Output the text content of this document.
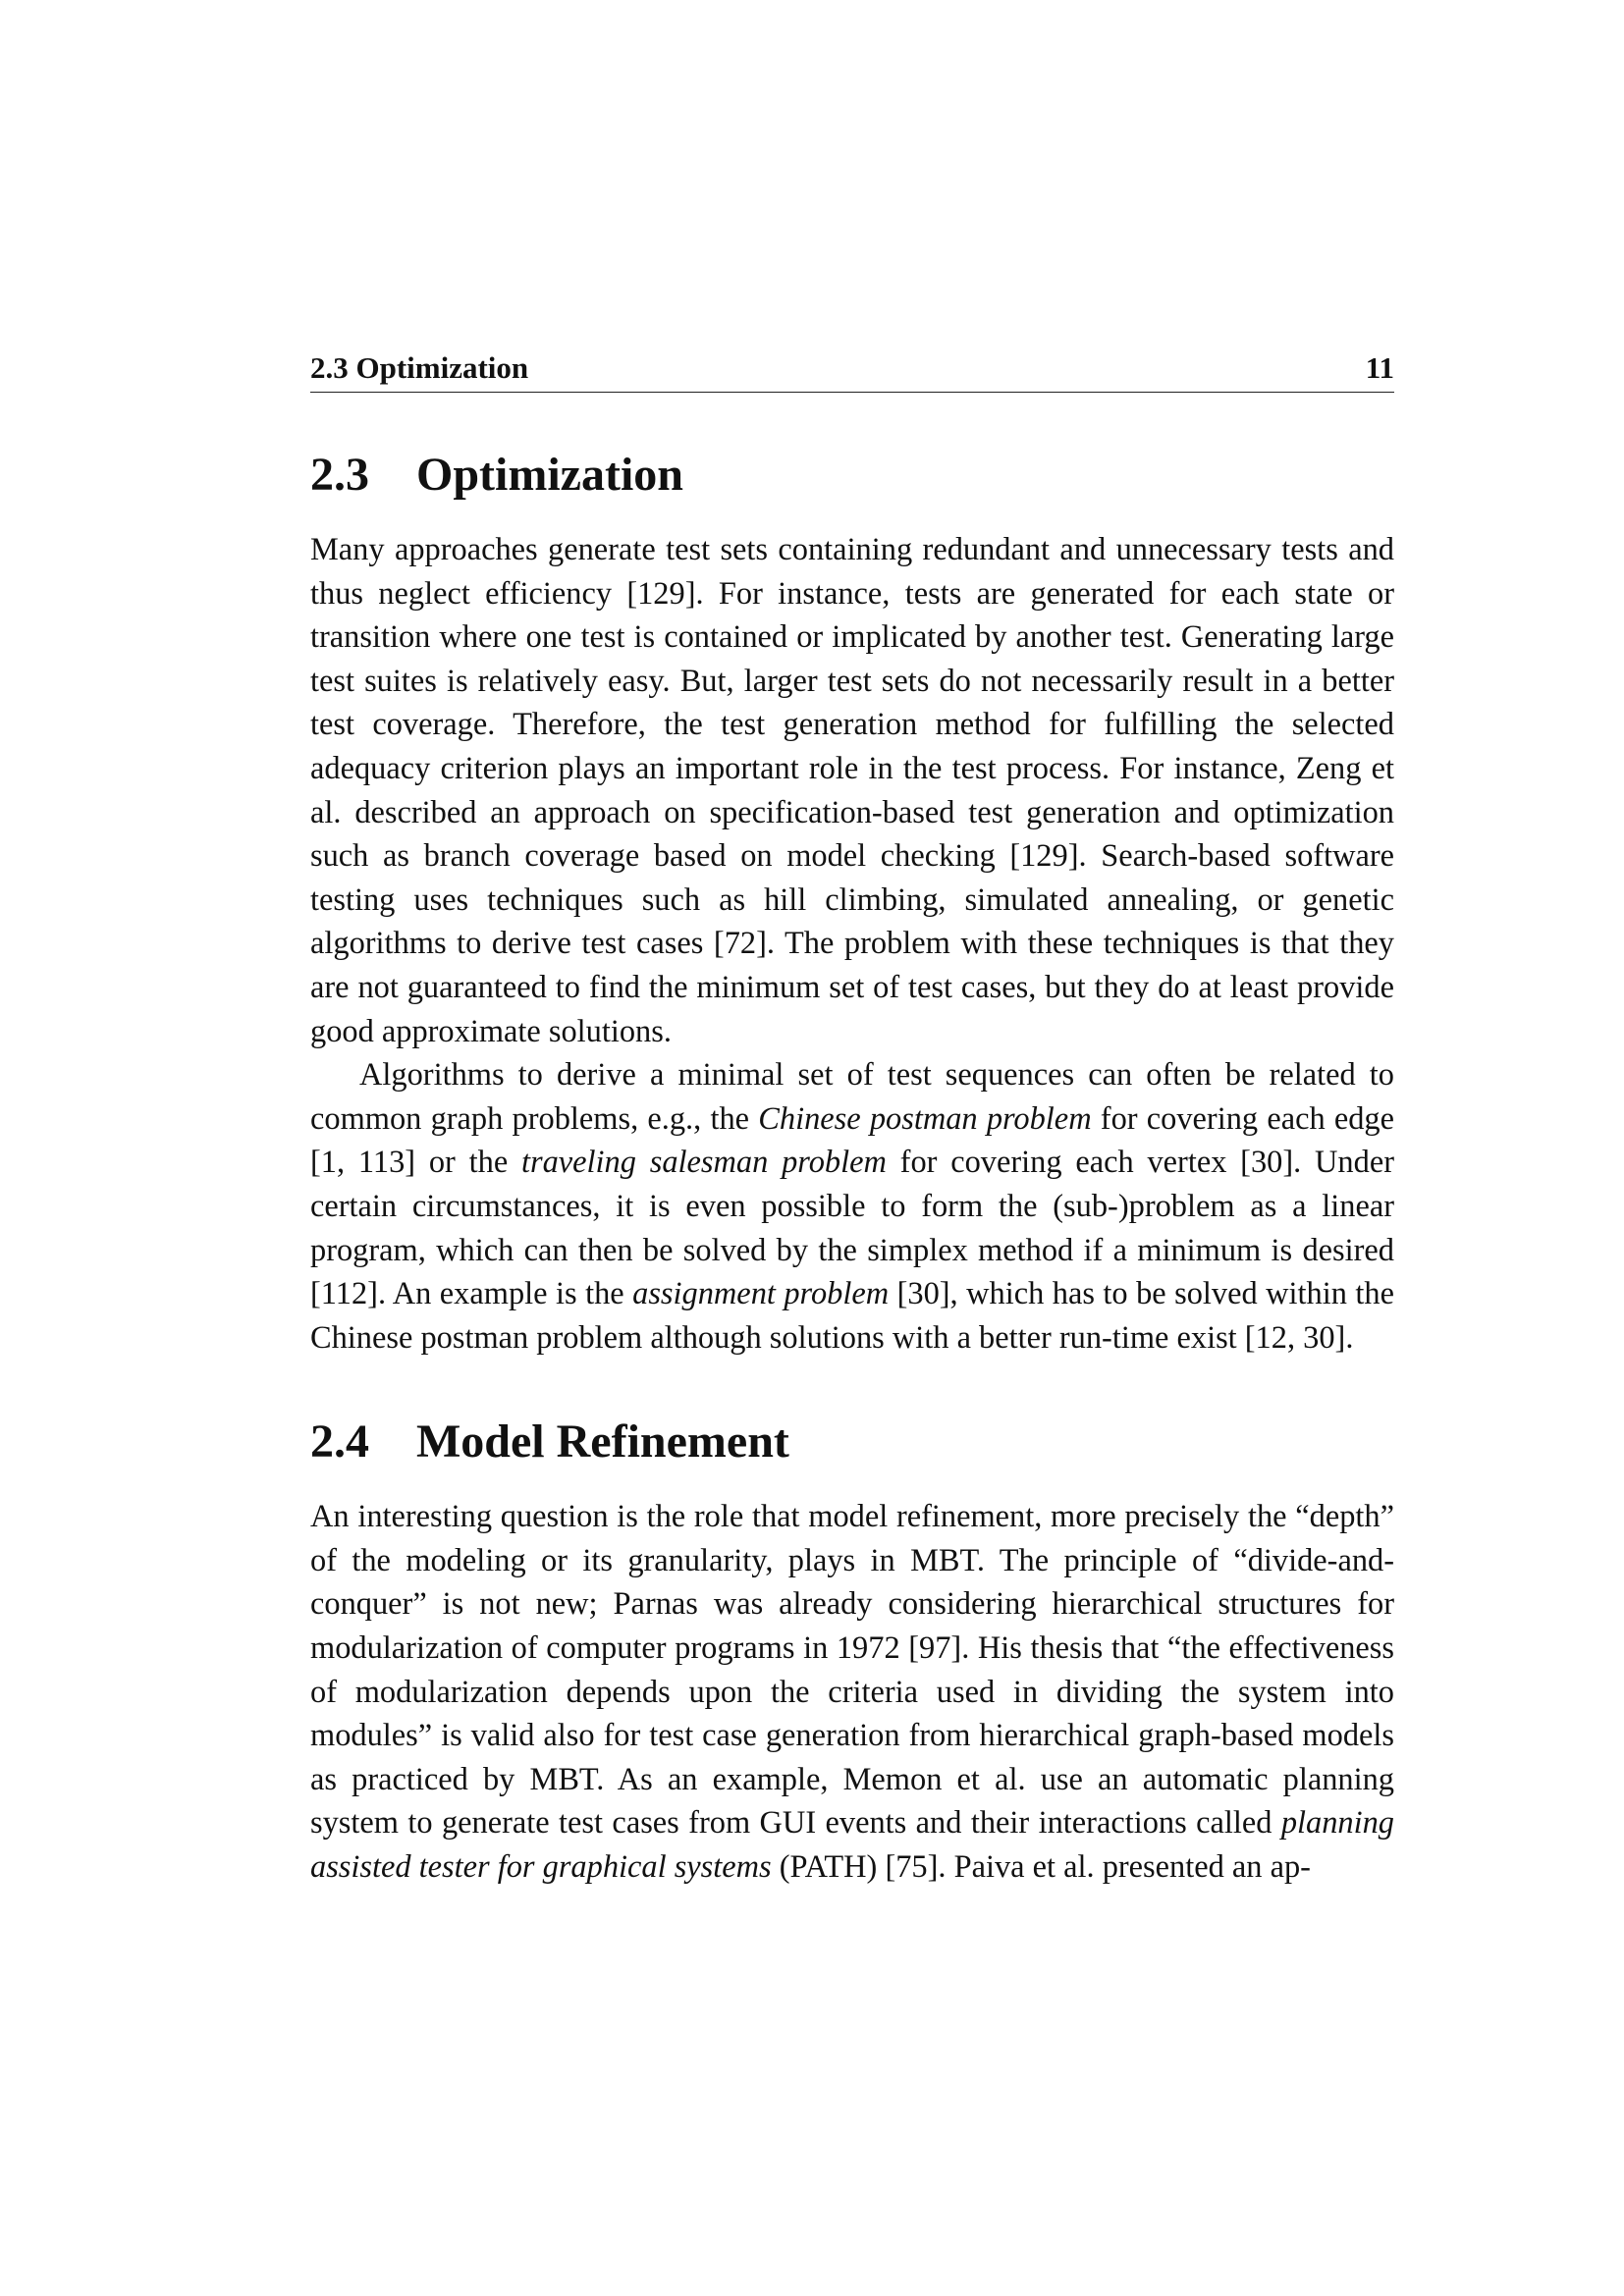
2.3 Optimization	11
2.3	Optimization

Many approaches generate test sets containing redundant and unnecessary tests and thus neglect efficiency [129]. For instance, tests are generated for each state or transition where one test is contained or implicated by another test. Generating large test suites is relatively easy. But, larger test sets do not necessarily result in a better test coverage. Therefore, the test generation method for fulfilling the selected adequacy criterion plays an important role in the test process. For instance, Zeng et al. described an approach on specification-based test generation and optimization such as branch coverage based on model checking [129]. Search-based software testing uses techniques such as hill climbing, simulated annealing, or genetic algorithms to derive test cases [72]. The problem with these techniques is that they are not guaranteed to find the minimum set of test cases, but they do at least provide good approximate solutions.

Algorithms to derive a minimal set of test sequences can often be related to common graph problems, e.g., the Chinese postman problem for covering each edge [1, 113] or the traveling salesman problem for covering each vertex [30]. Under certain circumstances, it is even possible to form the (sub-)problem as a linear program, which can then be solved by the simplex method if a minimum is desired [112]. An example is the assignment problem [30], which has to be solved within the Chinese postman problem although solutions with a better run-time exist [12, 30].

2.4	Model Refinement

An interesting question is the role that model refinement, more precisely the “depth” of the modeling or its granularity, plays in MBT. The principle of “divide-and-conquer” is not new; Parnas was already considering hierarchical structures for modularization of computer programs in 1972 [97]. His thesis that “the effectiveness of modularization depends upon the criteria used in dividing the system into modules” is valid also for test case generation from hierarchical graph-based models as practiced by MBT. As an example, Memon et al. use an automatic planning system to generate test cases from GUI events and their interactions called planning assisted tester for graphical systems (PATH) [75]. Paiva et al. presented an ap-
